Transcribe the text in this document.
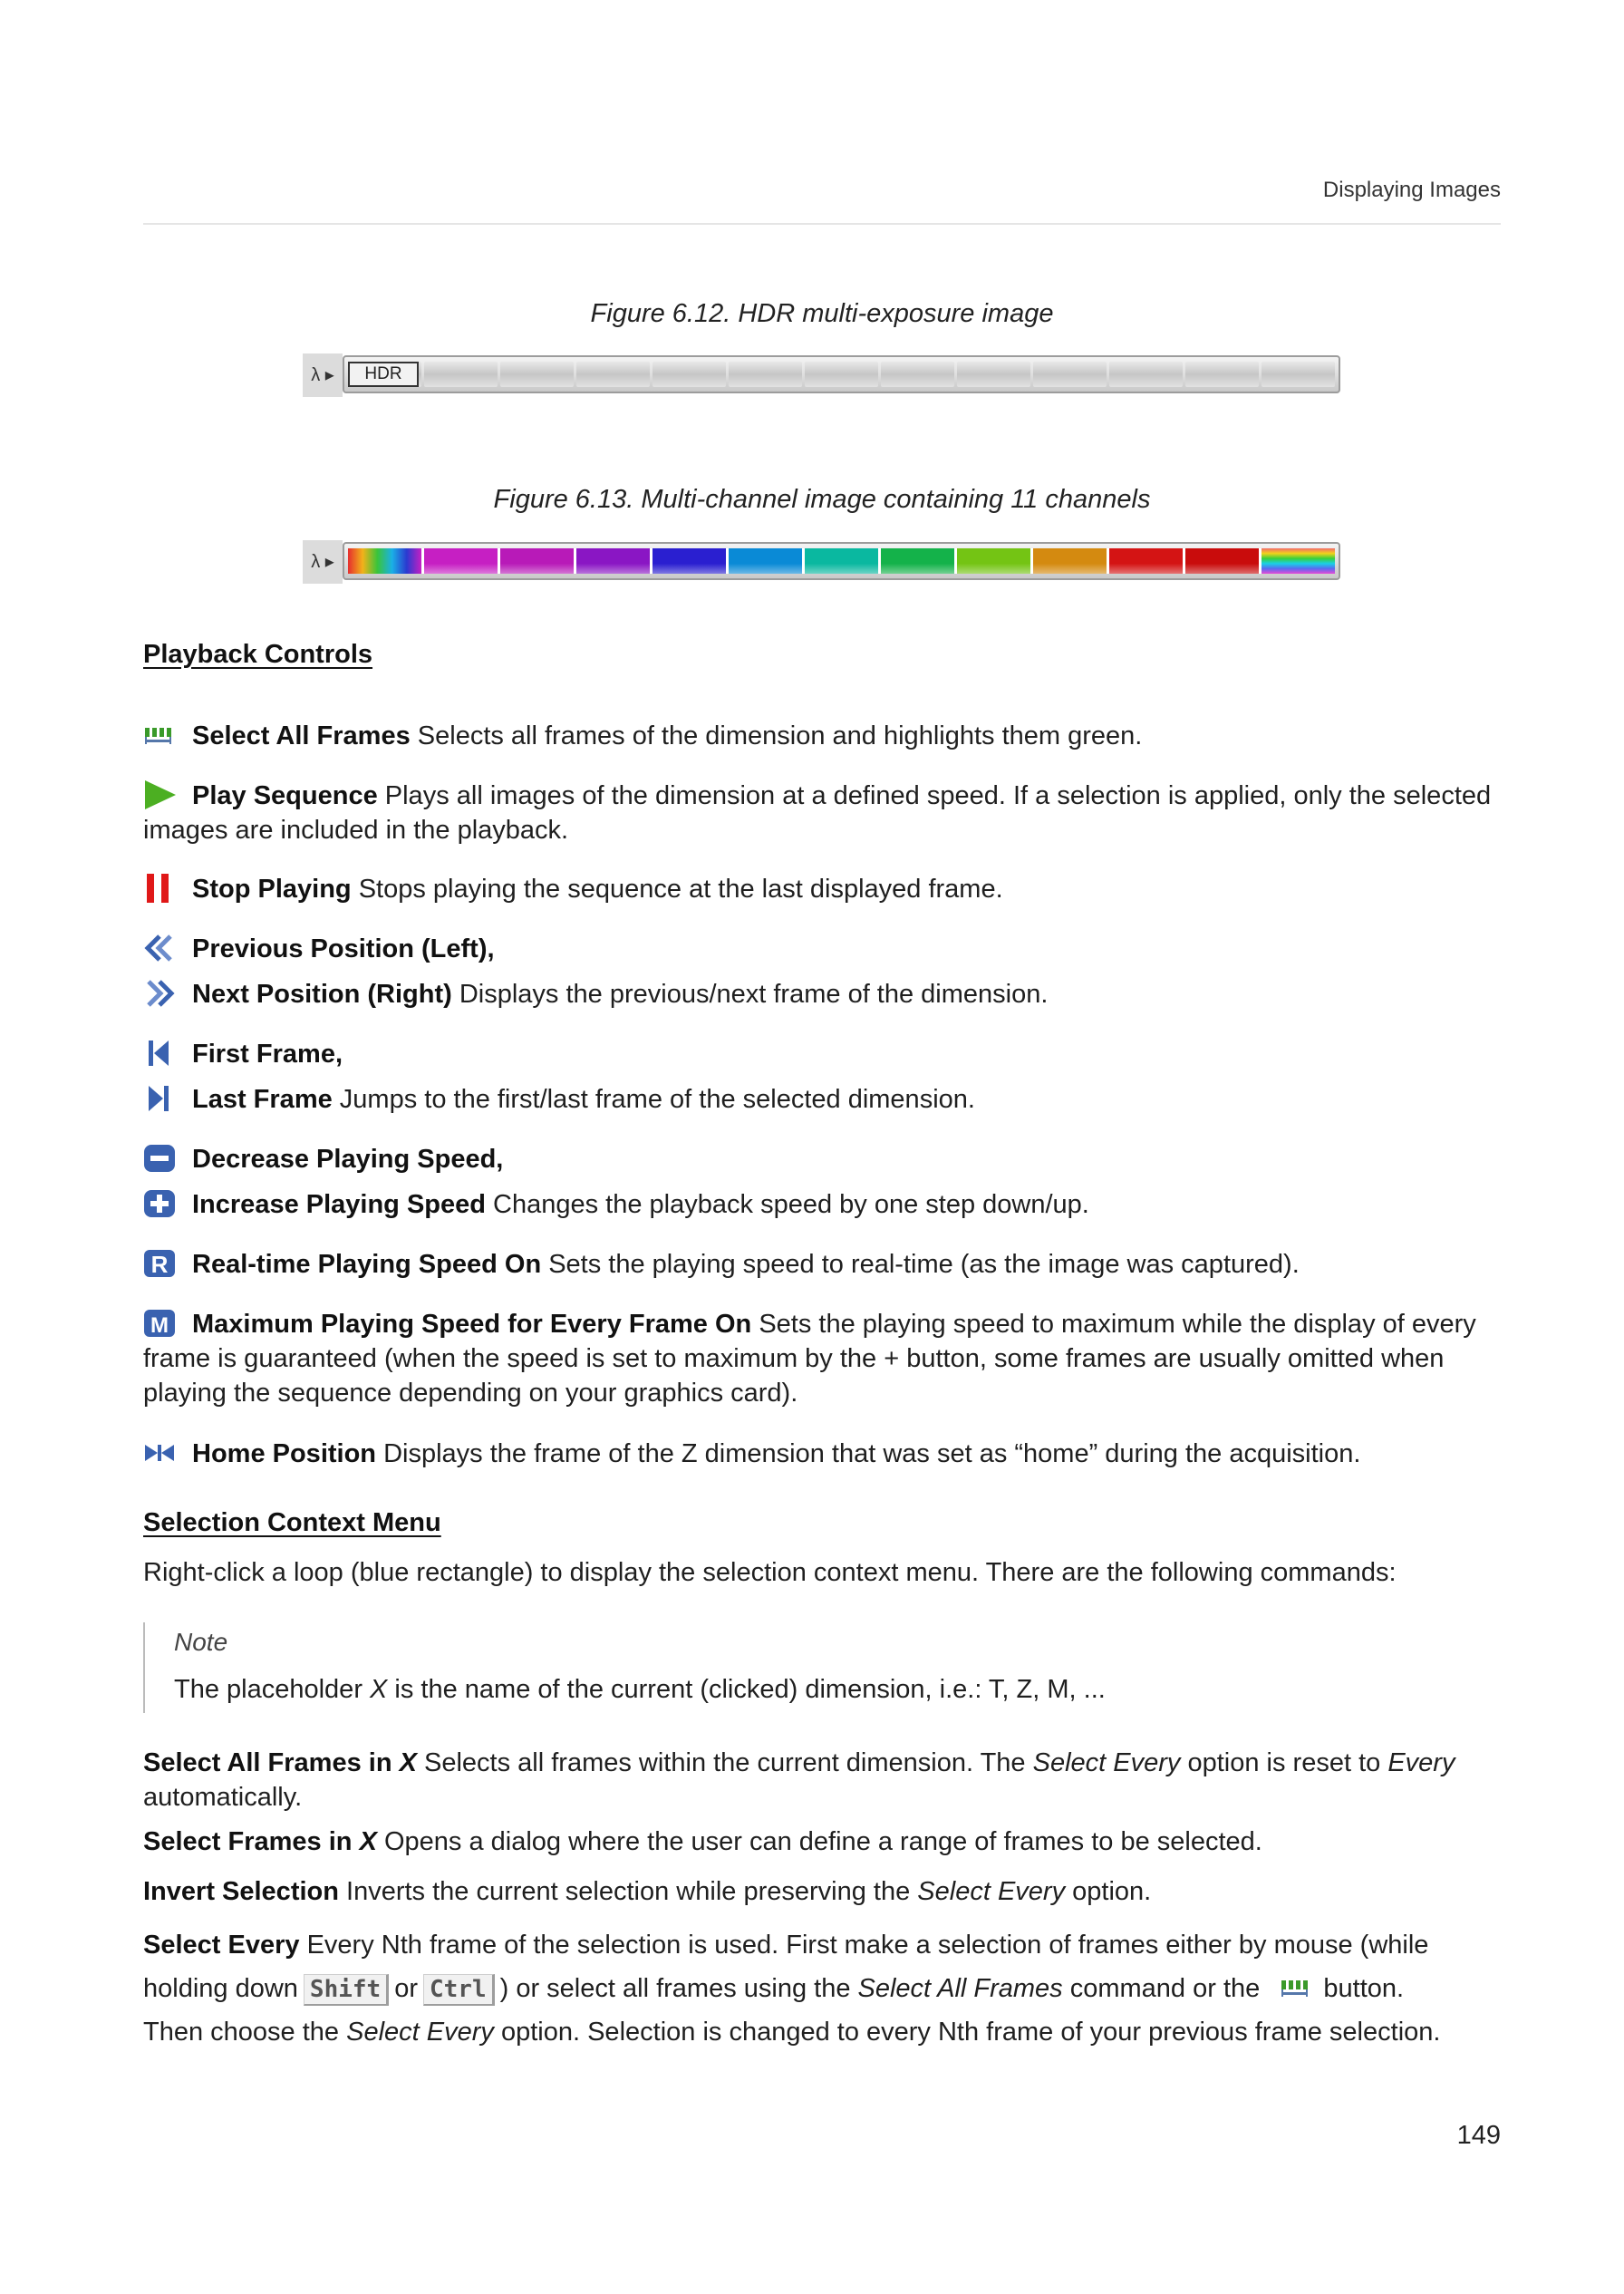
Displaying Images
Figure 6.12. HDR multi-exposure image
λ ▸	HDR
Figure 6.13. Multi-channel image containing 11 channels
λ ▸
Playback Controls
Select All Frames Selects all frames of the dimension and highlights them green.
Play Sequence Plays all images of the dimension at a defined speed. If a selection is applied, only the selected
images are included in the playback.
Stop Playing Stops playing the sequence at the last displayed frame.
Previous Position (Left),
Next Position (Right) Displays the previous/next frame of the dimension.
First Frame,
Last Frame Jumps to the first/last frame of the selected dimension.
Decrease Playing Speed,
Increase Playing Speed Changes the playback speed by one step down/up.
R Real-time Playing Speed On Sets the playing speed to real-time (as the image was captured).
M Maximum Playing Speed for Every Frame On Sets the playing speed to maximum while the display of every
frame is guaranteed (when the speed is set to maximum by the + button, some frames are usually omitted when
playing the sequence depending on your graphics card).
Home Position Displays the frame of the Z dimension that was set as “home” during the acquisition.
Selection Context Menu
Right-click a loop (blue rectangle) to display the selection context menu. There are the following commands:
Note
The placeholder X is the name of the current (clicked) dimension, i.e.: T, Z, M, ...
Select All Frames in X Selects all frames within the current dimension. The Select Every option is reset to Every
automatically.
Select Frames in X Opens a dialog where the user can define a range of frames to be selected.
Invert Selection Inverts the current selection while preserving the Select Every option.
Select Every Every Nth frame of the selection is used. First make a selection of frames either by mouse (while
holding down Shift or Ctrl ) or select all frames using the Select All Frames command or the
button.
Then choose the Select Every option. Selection is changed to every Nth frame of your previous frame selection.
149
